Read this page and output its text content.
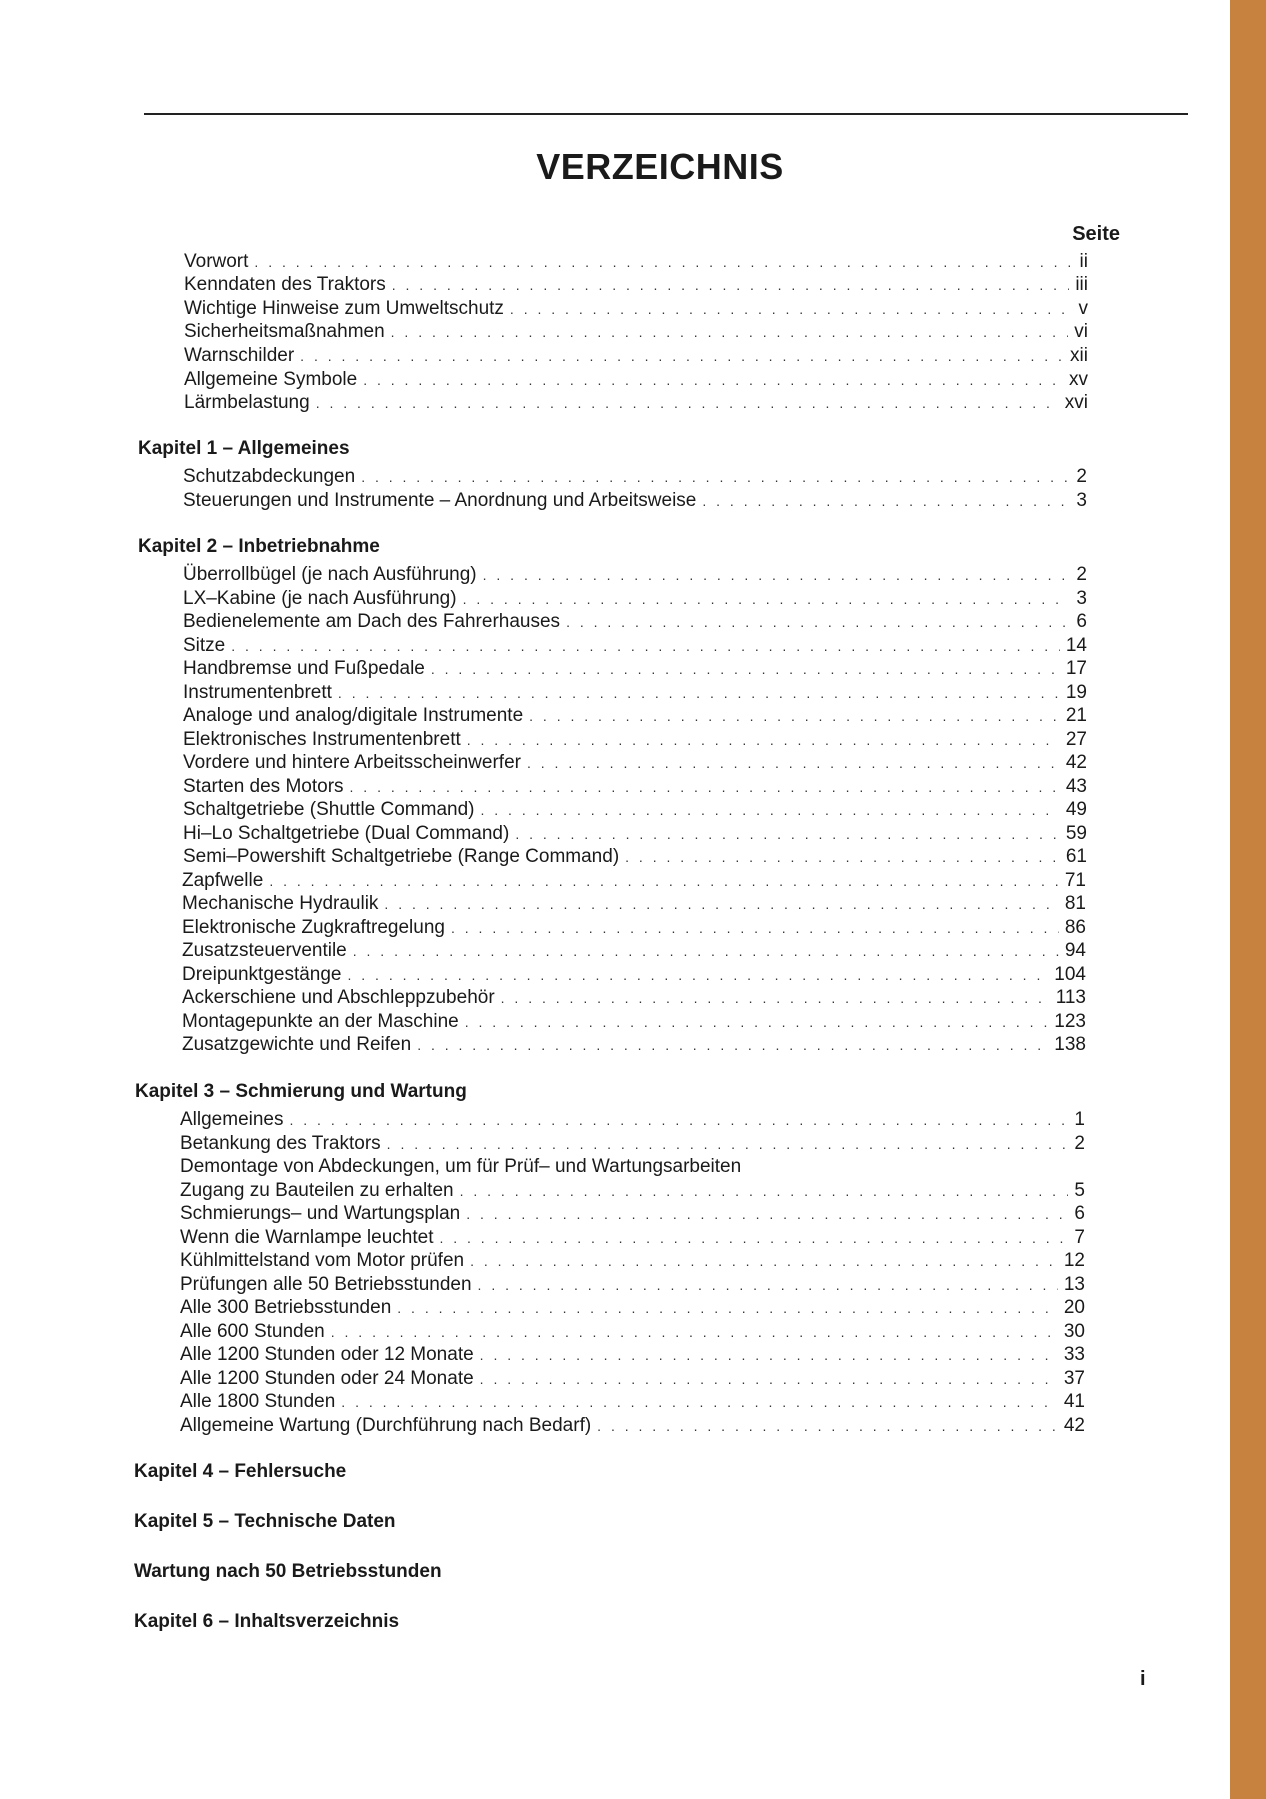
VERZEICHNIS
Seite
Vorwort . . .	ii
Kenndaten des Traktors . . .	iii
Wichtige Hinweise zum Umweltschutz . . .	v
Sicherheitsmaßnahmen . . .	vi
Warnschilder . . .	xii
Allgemeine Symbole . . .	xv
Lärmbelastung . . .	xvi
Kapitel 1 – Allgemeines
Schutzabdeckungen . . .	2
Steuerungen und Instrumente – Anordnung und Arbeitsweise . . .	3
Kapitel 2 – Inbetriebnahme
Überrollbügel (je nach Ausführung) . . .	2
LX–Kabine (je nach Ausführung) . . .	3
Bedienelemente am Dach des Fahrerhauses . . .	6
Sitze . . .	14
Handbremse und Fußpedale . . .	17
Instrumentenbrett . . .	19
Analoge und analog/digitale Instrumente . . .	21
Elektronisches Instrumentenbrett . . .	27
Vordere und hintere Arbeitsscheinwerfer . . .	42
Starten des Motors . . .	43
Schaltgetriebe (Shuttle Command) . . .	49
Hi–Lo Schaltgetriebe (Dual Command) . . .	59
Semi–Powershift Schaltgetriebe (Range Command) . . .	61
Zapfwelle . . .	71
Mechanische Hydraulik . . .	81
Elektronische Zugkraftregelung . . .	86
Zusatzsteuerventile . . .	94
Dreipunktgestänge . . .	104
Ackerschiene und Abschleppzubehör . . .	113
Montagepunkte an der Maschine . . .	123
Zusatzgewichte und Reifen . . .	138
Kapitel 3 – Schmierung und Wartung
Allgemeines . . .	1
Betankung des Traktors . . .	2
Demontage von Abdeckungen, um für Prüf– und Wartungsarbeiten
Zugang zu Bauteilen zu erhalten . . .	5
Schmierungs– und Wartungsplan . . .	6
Wenn die Warnlampe leuchtet . . .	7
Kühlmittelstand vom Motor prüfen . . .	12
Prüfungen alle 50 Betriebsstunden . . .	13
Alle 300 Betriebsstunden . . .	20
Alle 600 Stunden . . .	30
Alle 1200 Stunden oder 12 Monate . . .	33
Alle 1200 Stunden oder 24 Monate . . .	37
Alle 1800 Stunden . . .	41
Allgemeine Wartung (Durchführung nach Bedarf) . . .	42
Kapitel 4 – Fehlersuche
Kapitel 5 – Technische Daten
Wartung nach 50 Betriebsstunden
Kapitel 6 – Inhaltsverzeichnis
i
